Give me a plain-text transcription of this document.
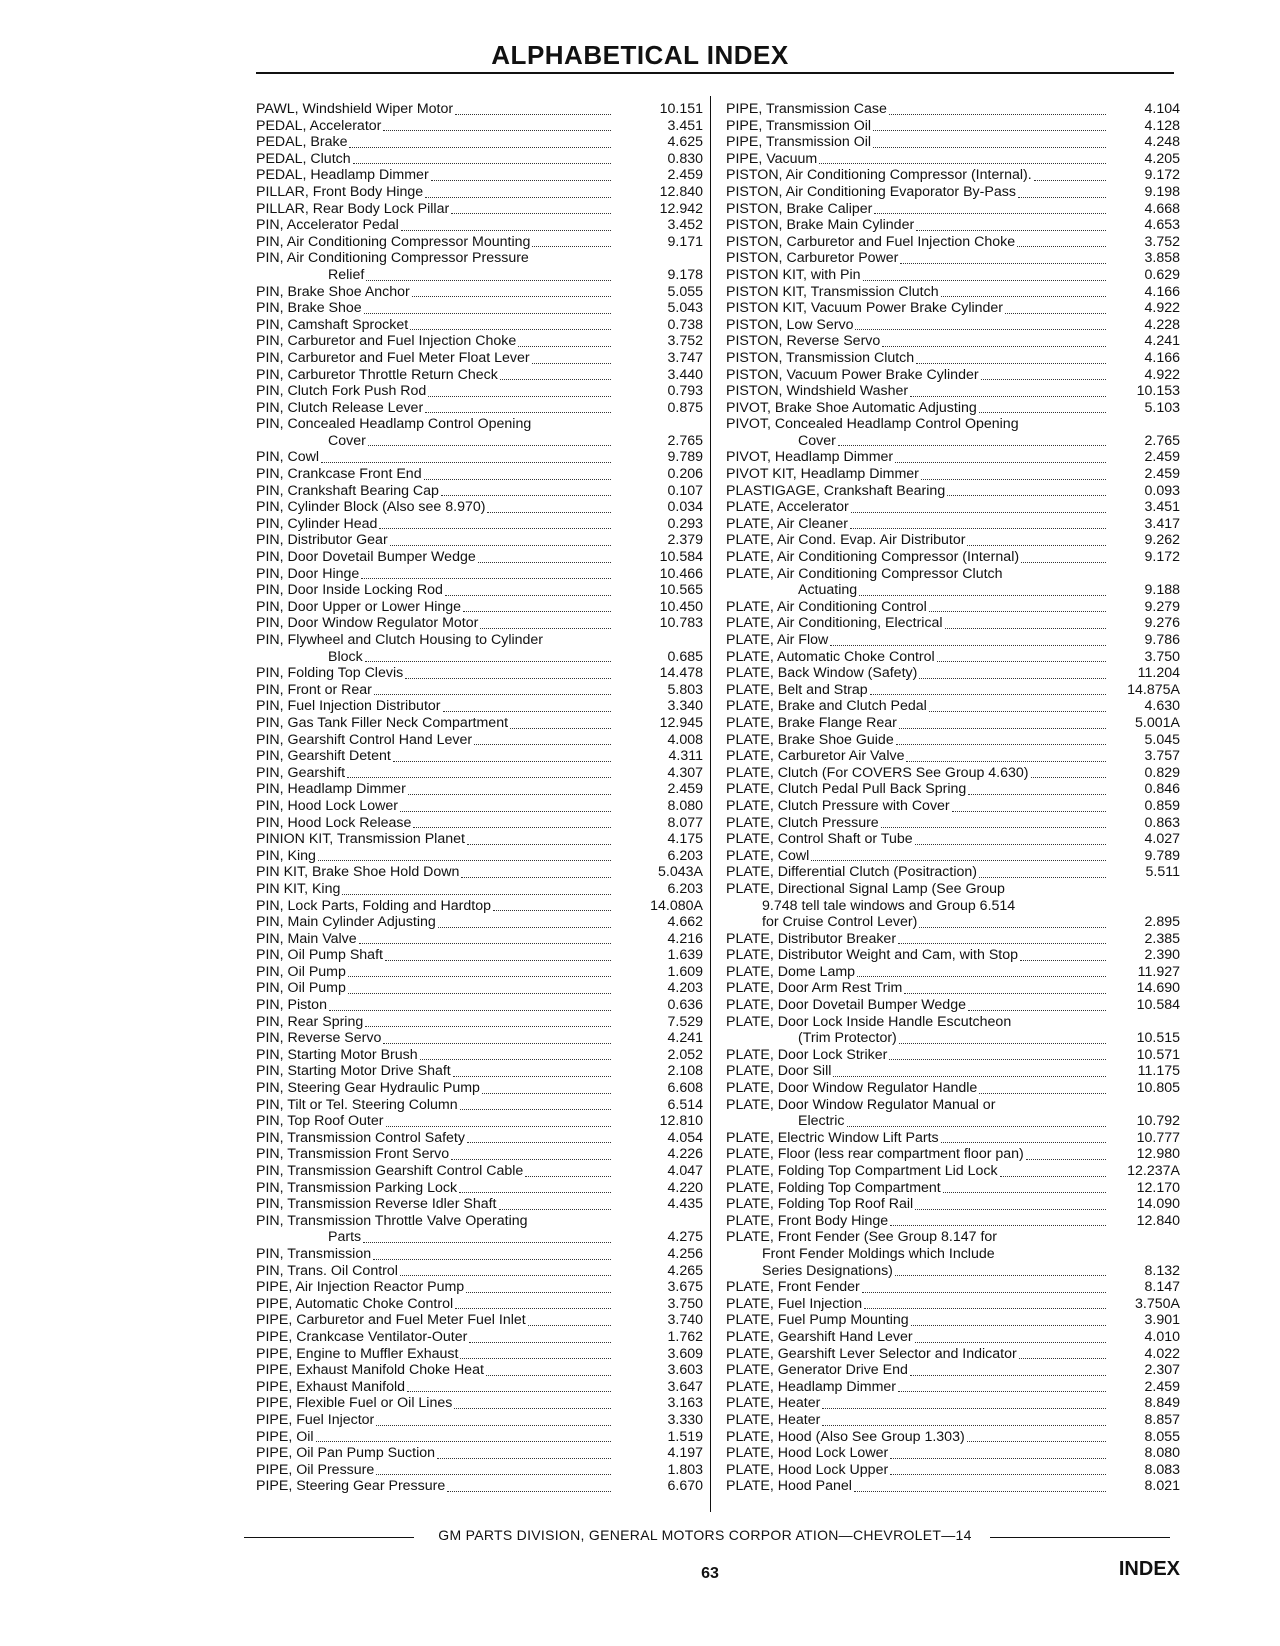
ALPHABETICAL INDEX
PAWL, Windshield Wiper Motor	10.151
PEDAL, Accelerator	3.451
PEDAL, Brake	4.625
PEDAL, Clutch	0.830
PEDAL, Headlamp Dimmer	2.459
PILLAR, Front Body Hinge	12.840
PILLAR, Rear Body Lock Pillar	12.942
PIN, Accelerator Pedal	3.452
PIN, Air Conditioning Compressor Mounting	9.171
PIN, Air Conditioning Compressor Pressure
Relief	9.178
PIN, Brake Shoe Anchor	5.055
PIN, Brake Shoe	5.043
PIN, Camshaft Sprocket	0.738
PIN, Carburetor and Fuel Injection Choke	3.752
PIN, Carburetor and Fuel Meter Float Lever	3.747
PIN, Carburetor Throttle Return Check	3.440
PIN, Clutch Fork Push Rod	0.793
PIN, Clutch Release Lever	0.875
PIN, Concealed Headlamp Control Opening
Cover	2.765
PIN, Cowl	9.789
PIN, Crankcase Front End	0.206
PIN, Crankshaft Bearing Cap	0.107
PIN, Cylinder Block (Also see 8.970)	0.034
PIN, Cylinder Head	0.293
PIN, Distributor Gear	2.379
PIN, Door Dovetail Bumper Wedge	10.584
PIN, Door Hinge	10.466
PIN, Door Inside Locking Rod	10.565
PIN, Door Upper or Lower Hinge	10.450
PIN, Door Window Regulator Motor	10.783
PIN, Flywheel and Clutch Housing to Cylinder
Block	0.685
PIN, Folding Top Clevis	14.478
PIN, Front or Rear	5.803
PIN, Fuel Injection Distributor	3.340
PIN, Gas Tank Filler Neck Compartment	12.945
PIN, Gearshift Control Hand Lever	4.008
PIN, Gearshift Detent	4.311
PIN, Gearshift	4.307
PIN, Headlamp Dimmer	2.459
PIN, Hood Lock Lower	8.080
PIN, Hood Lock Release	8.077
PINION KIT, Transmission Planet	4.175
PIN, King	6.203
PIN KIT, Brake Shoe Hold Down	5.043A
PIN KIT, King	6.203
PIN, Lock Parts, Folding and Hardtop	14.080A
PIN, Main Cylinder Adjusting	4.662
PIN, Main Valve	4.216
PIN, Oil Pump Shaft	1.639
PIN, Oil Pump	1.609
PIN, Oil Pump	4.203
PIN, Piston	0.636
PIN, Rear Spring	7.529
PIN, Reverse Servo	4.241
PIN, Starting Motor Brush	2.052
PIN, Starting Motor Drive Shaft	2.108
PIN, Steering Gear Hydraulic Pump	6.608
PIN, Tilt or Tel. Steering Column	6.514
PIN, Top Roof Outer	12.810
PIN, Transmission Control Safety	4.054
PIN, Transmission Front Servo	4.226
PIN, Transmission Gearshift Control Cable	4.047
PIN, Transmission Parking Lock	4.220
PIN, Transmission Reverse Idler Shaft	4.435
PIN, Transmission Throttle Valve Operating
Parts	4.275
PIN, Transmission	4.256
PIN, Trans. Oil Control	4.265
PIPE, Air Injection Reactor Pump	3.675
PIPE, Automatic Choke Control	3.750
PIPE, Carburetor and Fuel Meter Fuel Inlet	3.740
PIPE, Crankcase Ventilator-Outer	1.762
PIPE, Engine to Muffler Exhaust	3.609
PIPE, Exhaust Manifold Choke Heat	3.603
PIPE, Exhaust Manifold	3.647
PIPE, Flexible Fuel or Oil Lines	3.163
PIPE, Fuel Injector	3.330
PIPE, Oil	1.519
PIPE, Oil Pan Pump Suction	4.197
PIPE, Oil Pressure	1.803
PIPE, Steering Gear Pressure	6.670
PIPE, Transmission Case	4.104
PIPE, Transmission Oil	4.128
PIPE, Transmission Oil	4.248
PIPE, Vacuum	4.205
PISTON, Air Conditioning Compressor (Internal).	9.172
PISTON, Air Conditioning Evaporator By-Pass	9.198
PISTON, Brake Caliper	4.668
PISTON, Brake Main Cylinder	4.653
PISTON, Carburetor and Fuel Injection Choke	3.752
PISTON, Carburetor Power	3.858
PISTON KIT, with Pin	0.629
PISTON KIT, Transmission Clutch	4.166
PISTON KIT, Vacuum Power Brake Cylinder	4.922
PISTON, Low Servo	4.228
PISTON, Reverse Servo	4.241
PISTON, Transmission Clutch	4.166
PISTON, Vacuum Power Brake Cylinder	4.922
PISTON, Windshield Washer	10.153
PIVOT, Brake Shoe Automatic Adjusting	5.103
PIVOT, Concealed Headlamp Control Opening
Cover	2.765
PIVOT, Headlamp Dimmer	2.459
PIVOT KIT, Headlamp Dimmer	2.459
PLASTIGAGE, Crankshaft Bearing	0.093
PLATE, Accelerator	3.451
PLATE, Air Cleaner	3.417
PLATE, Air Cond. Evap. Air Distributor	9.262
PLATE, Air Conditioning Compressor (Internal)	9.172
PLATE, Air Conditioning Compressor Clutch
Actuating	9.188
PLATE, Air Conditioning Control	9.279
PLATE, Air Conditioning, Electrical	9.276
PLATE, Air Flow	9.786
PLATE, Automatic Choke Control	3.750
PLATE, Back Window (Safety)	11.204
PLATE, Belt and Strap	14.875A
PLATE, Brake and Clutch Pedal	4.630
PLATE, Brake Flange Rear	5.001A
PLATE, Brake Shoe Guide	5.045
PLATE, Carburetor Air Valve	3.757
PLATE, Clutch (For COVERS See Group 4.630)	0.829
PLATE, Clutch Pedal Pull Back Spring	0.846
PLATE, Clutch Pressure with Cover	0.859
PLATE, Clutch Pressure	0.863
PLATE, Control Shaft or Tube	4.027
PLATE, Cowl	9.789
PLATE, Differential Clutch (Positraction)	5.511
PLATE, Directional Signal Lamp (See Group
9.748 tell tale windows and Group 6.514
for Cruise Control Lever)	2.895
PLATE, Distributor Breaker	2.385
PLATE, Distributor Weight and Cam, with Stop	2.390
PLATE, Dome Lamp	11.927
PLATE, Door Arm Rest Trim	14.690
PLATE, Door Dovetail Bumper Wedge	10.584
PLATE, Door Lock Inside Handle Escutcheon
(Trim Protector)	10.515
PLATE, Door Lock Striker	10.571
PLATE, Door Sill	11.175
PLATE, Door Window Regulator Handle	10.805
PLATE, Door Window Regulator Manual or
Electric	10.792
PLATE, Electric Window Lift Parts	10.777
PLATE, Floor (less rear compartment floor pan)	12.980
PLATE, Folding Top Compartment Lid Lock	12.237A
PLATE, Folding Top Compartment	12.170
PLATE, Folding Top Roof Rail	14.090
PLATE, Front Body Hinge	12.840
PLATE, Front Fender (See Group 8.147 for
Front Fender Moldings which Include
Series Designations)	8.132
PLATE, Front Fender	8.147
PLATE, Fuel Injection	3.750A
PLATE, Fuel Pump Mounting	3.901
PLATE, Gearshift Hand Lever	4.010
PLATE, Gearshift Lever Selector and Indicator	4.022
PLATE, Generator Drive End	2.307
PLATE, Headlamp Dimmer	2.459
PLATE, Heater	8.849
PLATE, Heater	8.857
PLATE, Hood (Also See Group 1.303)	8.055
PLATE, Hood Lock Lower	8.080
PLATE, Hood Lock Upper	8.083
PLATE, Hood Panel	8.021
GM PARTS DIVISION, GENERAL MOTORS CORPOR ATION—CHEVROLET—14
63	INDEX
